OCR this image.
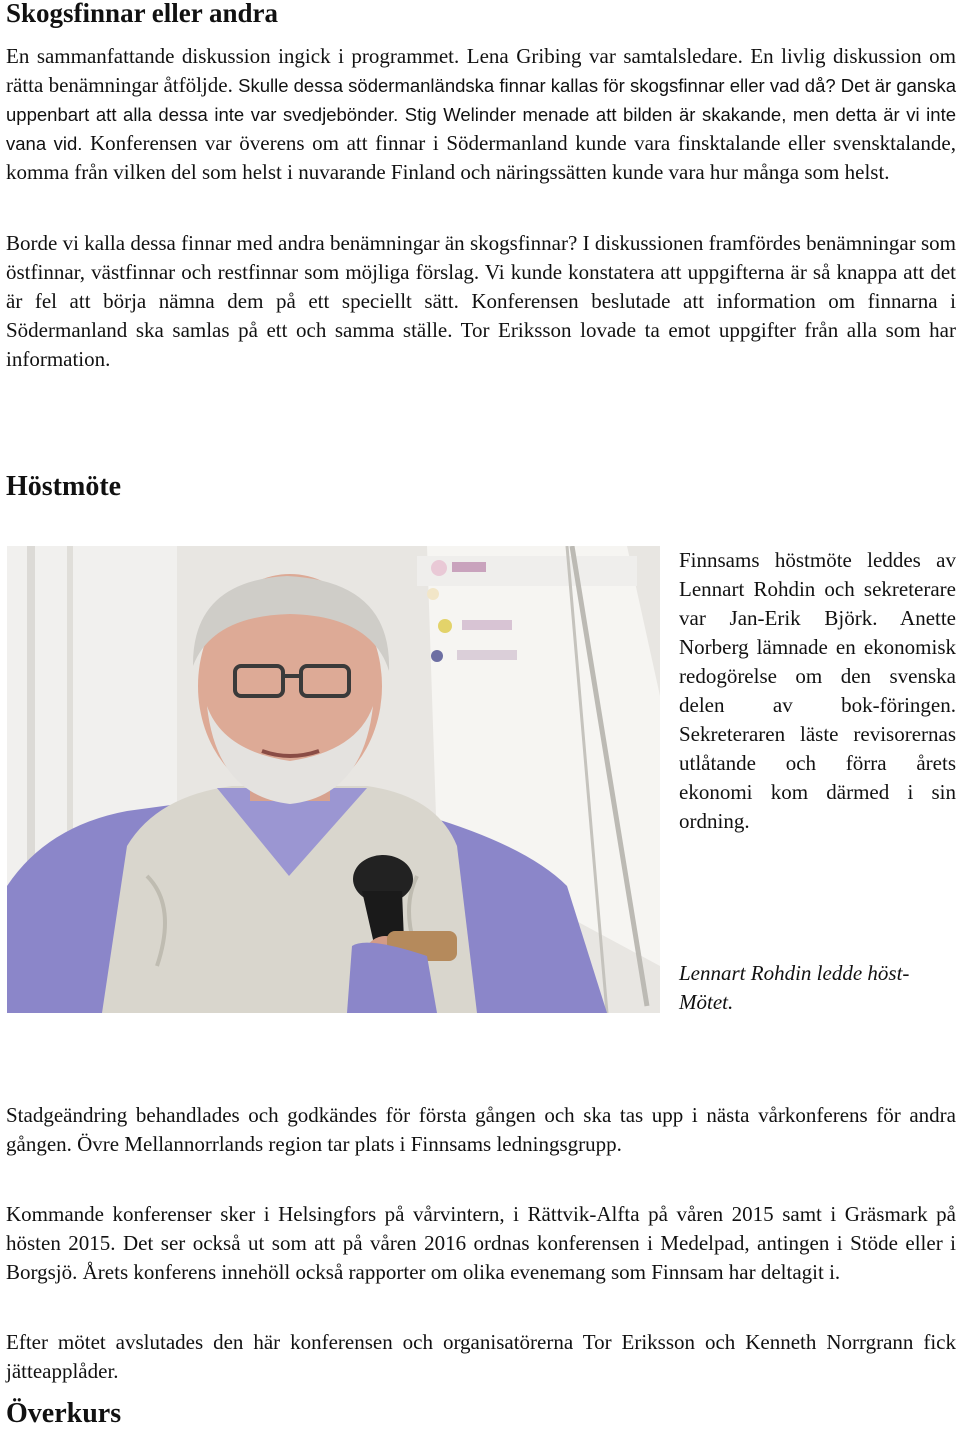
Skogsfinnar eller andra

En sammanfattande diskussion ingick i programmet. Lena Gribing var samtalsledare. En livlig diskussion om rätta benämningar åtföljde. Skulle dessa södermanländska finnar kallas för skogsfinnar eller vad då? Det är ganska uppenbart att alla dessa inte var svedjebönder. Stig Welinder menade att bilden är skakande, men detta är vi inte vana vid. Konferensen var överens om att finnar i Södermanland kunde vara finsktalande eller svensktalande, komma från vilken del som helst i nuvarande Finland och näringssätten kunde vara hur många som helst.

Borde vi kalla dessa finnar med andra benämningar än skogsfinnar? I diskussionen framfördes benämningar som östfinnar, västfinnar och restfinnar som möjliga förslag. Vi kunde konstatera att uppgifterna är så knappa att det är fel att börja nämna dem på ett speciellt sätt. Konferensen beslutade att information om finnarna i Södermanland ska samlas på ett och samma ställe. Tor Eriksson lovade ta emot uppgifter från alla som har information.

Höstmöte

Finnsams höstmöte leddes av Lennart Rohdin och sekreterare var Jan-Erik Björk. Anette Norberg lämnade en ekonomisk redogörelse om den svenska delen av bok-föringen. Sekreteraren läste revisorernas utlåtande och förra årets ekonomi kom därmed i sin ordning.

Lennart Rohdin ledde höst-Mötet.

Stadgeändring behandlades och godkändes för första gången och ska tas upp i nästa vårkonferens för andra gången. Övre Mellannorrlands region tar plats i Finnsams ledningsgrupp.

Kommande konferenser sker i Helsingfors på vårvintern, i Rättvik-Alfta på våren 2015 samt i Gräsmark på hösten 2015. Det ser också ut som att på våren 2016 ordnas konferensen i Medelpad, antingen i Stöde eller i Borgsjö. Årets konferens innehöll också rapporter om olika evenemang som Finnsam har deltagit i.

Efter mötet avslutades den här konferensen och organisatörerna Tor Eriksson och Kenneth Norrgrann fick jätteapplåder.

Överkurs
